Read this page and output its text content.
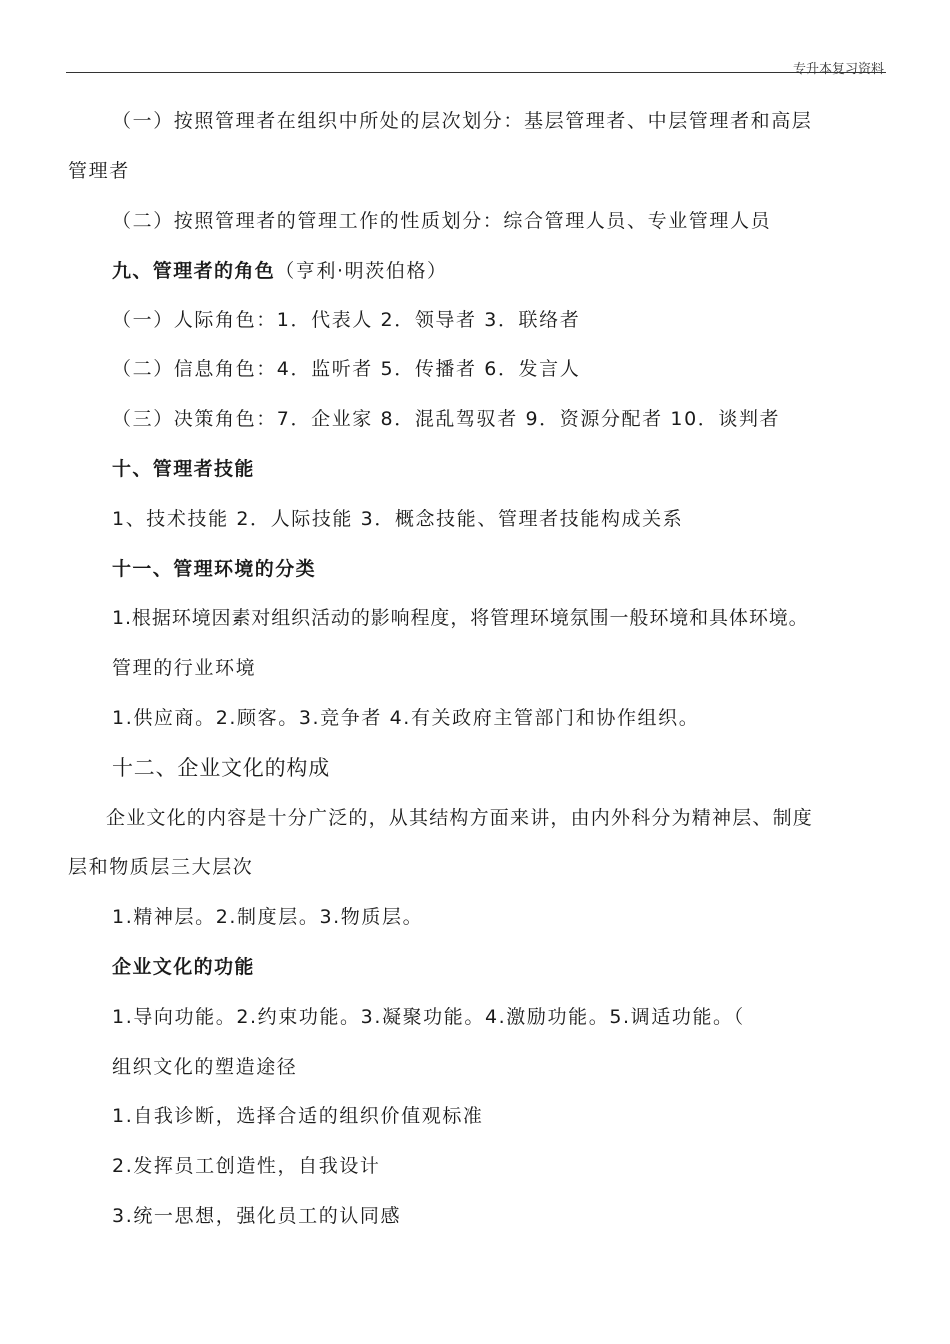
专升本复习资料
（一）按照管理者在组织中所处的层次划分：基层管理者、中层管理者和高层
管理者
（二）按照管理者的管理工作的性质划分：综合管理人员、专业管理人员
九、管理者的角色（亨利·明茨伯格）
（一）人际角色：1．代表人 2．领导者 3．联络者
（二）信息角色：4．监听者 5．传播者 6．发言人
（三）决策角色：7．企业家 8．混乱驾驭者 9．资源分配者 10．谈判者
十、管理者技能
1、技术技能 2．人际技能 3．概念技能、管理者技能构成关系
十一、管理环境的分类
1.根据环境因素对组织活动的影响程度，将管理环境氛围一般环境和具体环境。
管理的行业环境
1.供应商。2.顾客。3.竞争者 4.有关政府主管部门和协作组织。
十二、企业文化的构成
企业文化的内容是十分广泛的，从其结构方面来讲，由内外科分为精神层、制度
层和物质层三大层次
1.精神层。2.制度层。3.物质层。
企业文化的功能
1.导向功能。2.约束功能。3.凝聚功能。4.激励功能。5.调适功能。（
组织文化的塑造途径
1.自我诊断，选择合适的组织价值观标准
2.发挥员工创造性，自我设计
3.统一思想，强化员工的认同感
